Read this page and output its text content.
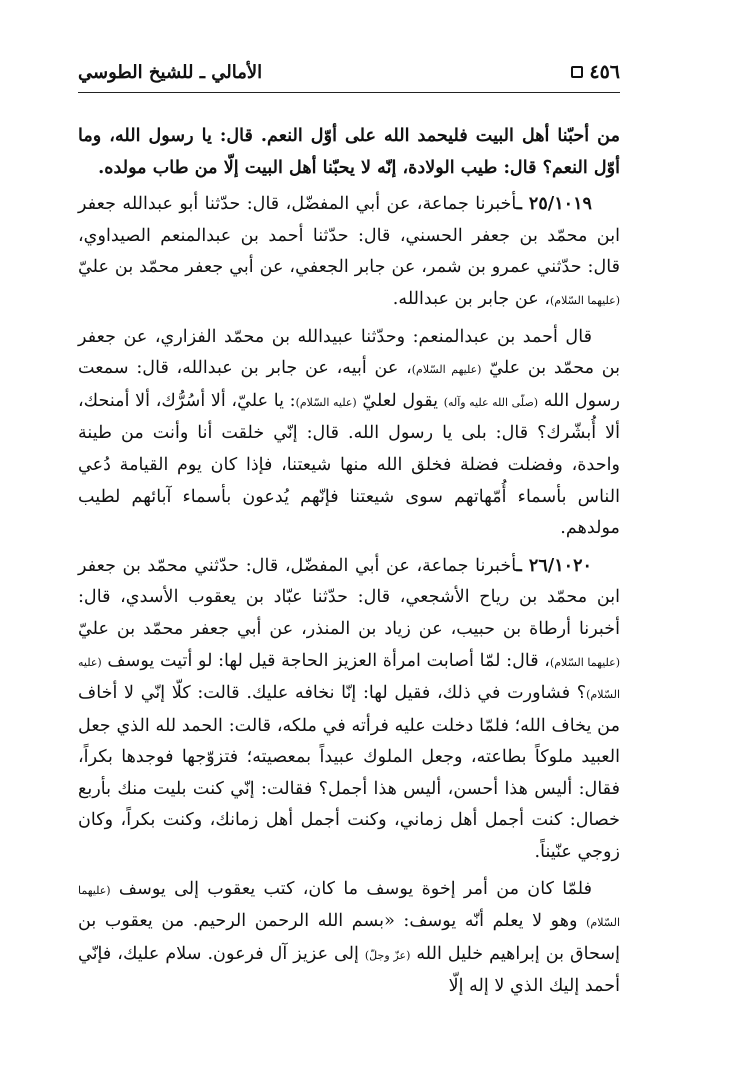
٤٥٦
الأمالي ـ للشيخ الطوسي

من أحبّنا أهل البيت فليحمد الله على أوّل النعم. قال: يا رسول الله، وما أوّل النعم؟ قال: طيب الولادة، إنّه لا يحبّنا أهل البيت إلّا من طاب مولده.

٢٥/١٠١٩ ـأخبرنا جماعة، عن أبي المفضّل، قال: حدّثنا أبو عبدالله جعفر ابن محمّد بن جعفر الحسني، قال: حدّثنا أحمد بن عبدالمنعم الصيداوي، قال: حدّثني عمرو بن شمر، عن جابر الجعفي، عن أبي جعفر محمّد بن عليّ (عليهما السّلام)، عن جابر بن عبدالله.

قال أحمد بن عبدالمنعم: وحدّثنا عبيدالله بن محمّد الفزاري، عن جعفر بن محمّد بن عليّ (عليهم السّلام)، عن أبيه، عن جابر بن عبدالله، قال: سمعت رسول الله (صلّى الله عليه وآله) يقول لعليّ (عليه السّلام): يا عليّ، ألا أسُرُّك، ألا أمنحك، ألا أُبشّرك؟ قال: بلى يا رسول الله. قال: إنّي خلقت أنا وأنت من طينة واحدة، وفضلت فضلة فخلق الله منها شيعتنا، فإذا كان يوم القيامة دُعي الناس بأسماء أُمّهاتهم سوى شيعتنا فإنّهم يُدعون بأسماء آبائهم لطيب مولدهم.

٢٦/١٠٢٠ ـأخبرنا جماعة، عن أبي المفضّل، قال: حدّثني محمّد بن جعفر ابن محمّد بن رياح الأشجعي، قال: حدّثنا عبّاد بن يعقوب الأسدي، قال: أخبرنا أرطاة بن حبيب، عن زياد بن المنذر، عن أبي جعفر محمّد بن عليّ (عليهما السّلام)، قال: لمّا أصابت امرأة العزيز الحاجة قيل لها: لو أتيت يوسف (عليه السّلام)؟ فشاورت في ذلك، فقيل لها: إنّا نخافه عليك. قالت: كلّا إنّي لا أخاف من يخاف الله؛ فلمّا دخلت عليه فرأته في ملكه، قالت: الحمد لله الذي جعل العبيد ملوكاً بطاعته، وجعل الملوك عبيداً بمعصيته؛ فتزوّجها فوجدها بكراً، فقال: أليس هذا أحسن، أليس هذا أجمل؟ فقالت: إنّي كنت بليت منك بأربع خصال: كنت أجمل أهل زماني، وكنت أجمل أهل زمانك، وكنت بكراً، وكان زوجي عنّيناً.

فلمّا كان من أمر إخوة يوسف ما كان، كتب يعقوب إلى يوسف (عليهما السّلام) وهو لا يعلم أنّه يوسف: «بسم الله الرحمن الرحيم. من يعقوب بن إسحاق بن إبراهيم خليل الله (عزّ وجلّ) إلى عزيز آل فرعون. سلام عليك، فإنّي أحمد إليك الذي لا إله إلّا
